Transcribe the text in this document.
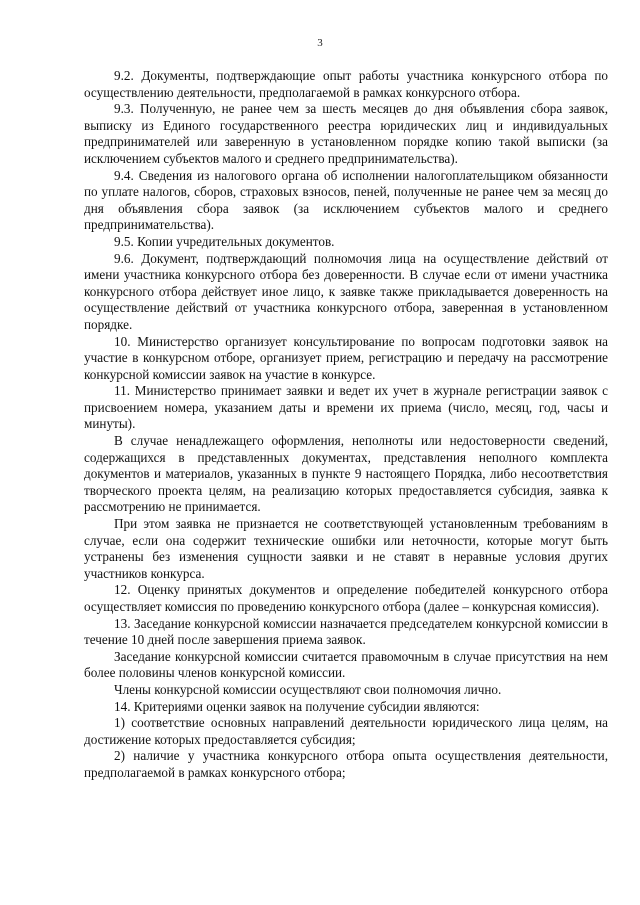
3

9.2. Документы, подтверждающие опыт работы участника конкурсного отбора по осуществлению деятельности, предполагаемой в рамках конкурсного отбора.

9.3. Полученную, не ранее чем за шесть месяцев до дня объявления сбора заявок, выписку из Единого государственного реестра юридических лиц и индивидуальных предпринимателей или заверенную в установленном порядке копию такой выписки (за исключением субъектов малого и среднего предпринимательства).

9.4. Сведения из налогового органа об исполнении налогоплательщиком обязанности по уплате налогов, сборов, страховых взносов, пеней, полученные не ранее чем за месяц до дня объявления сбора заявок (за исключением субъектов малого и среднего предпринимательства).

9.5. Копии учредительных документов.

9.6. Документ, подтверждающий полномочия лица на осуществление действий от имени участника конкурсного отбора без доверенности. В случае если от имени участника конкурсного отбора действует иное лицо, к заявке также прикладывается доверенность на осуществление действий от участника конкурсного отбора, заверенная в установленном порядке.

10. Министерство организует консультирование по вопросам подготовки заявок на участие в конкурсном отборе, организует прием, регистрацию и передачу на рассмотрение конкурсной комиссии заявок на участие в конкурсе.

11. Министерство принимает заявки и ведет их учет в журнале регистрации заявок с присвоением номера, указанием даты и времени их приема (число, месяц, год, часы и минуты).

В случае ненадлежащего оформления, неполноты или недостоверности сведений, содержащихся в представленных документах, представления неполного комплекта документов и материалов, указанных в пункте 9 настоящего Порядка, либо несоответствия творческого проекта целям, на реализацию которых предоставляется субсидия, заявка к рассмотрению не принимается.

При этом заявка не признается не соответствующей установленным требованиям в случае, если она содержит технические ошибки или неточности, которые могут быть устранены без изменения сущности заявки и не ставят в неравные условия других участников конкурса.

12. Оценку принятых документов и определение победителей конкурсного отбора осуществляет комиссия по проведению конкурсного отбора (далее – конкурсная комиссия).

13. Заседание конкурсной комиссии назначается председателем конкурсной комиссии в течение 10 дней после завершения приема заявок.

Заседание конкурсной комиссии считается правомочным в случае присутствия на нем более половины членов конкурсной комиссии.

Члены конкурсной комиссии осуществляют свои полномочия лично.

14. Критериями оценки заявок на получение субсидии являются:

1) соответствие основных направлений деятельности юридического лица целям, на достижение которых предоставляется субсидия;

2) наличие у участника конкурсного отбора опыта осуществления деятельности, предполагаемой в рамках конкурсного отбора;
